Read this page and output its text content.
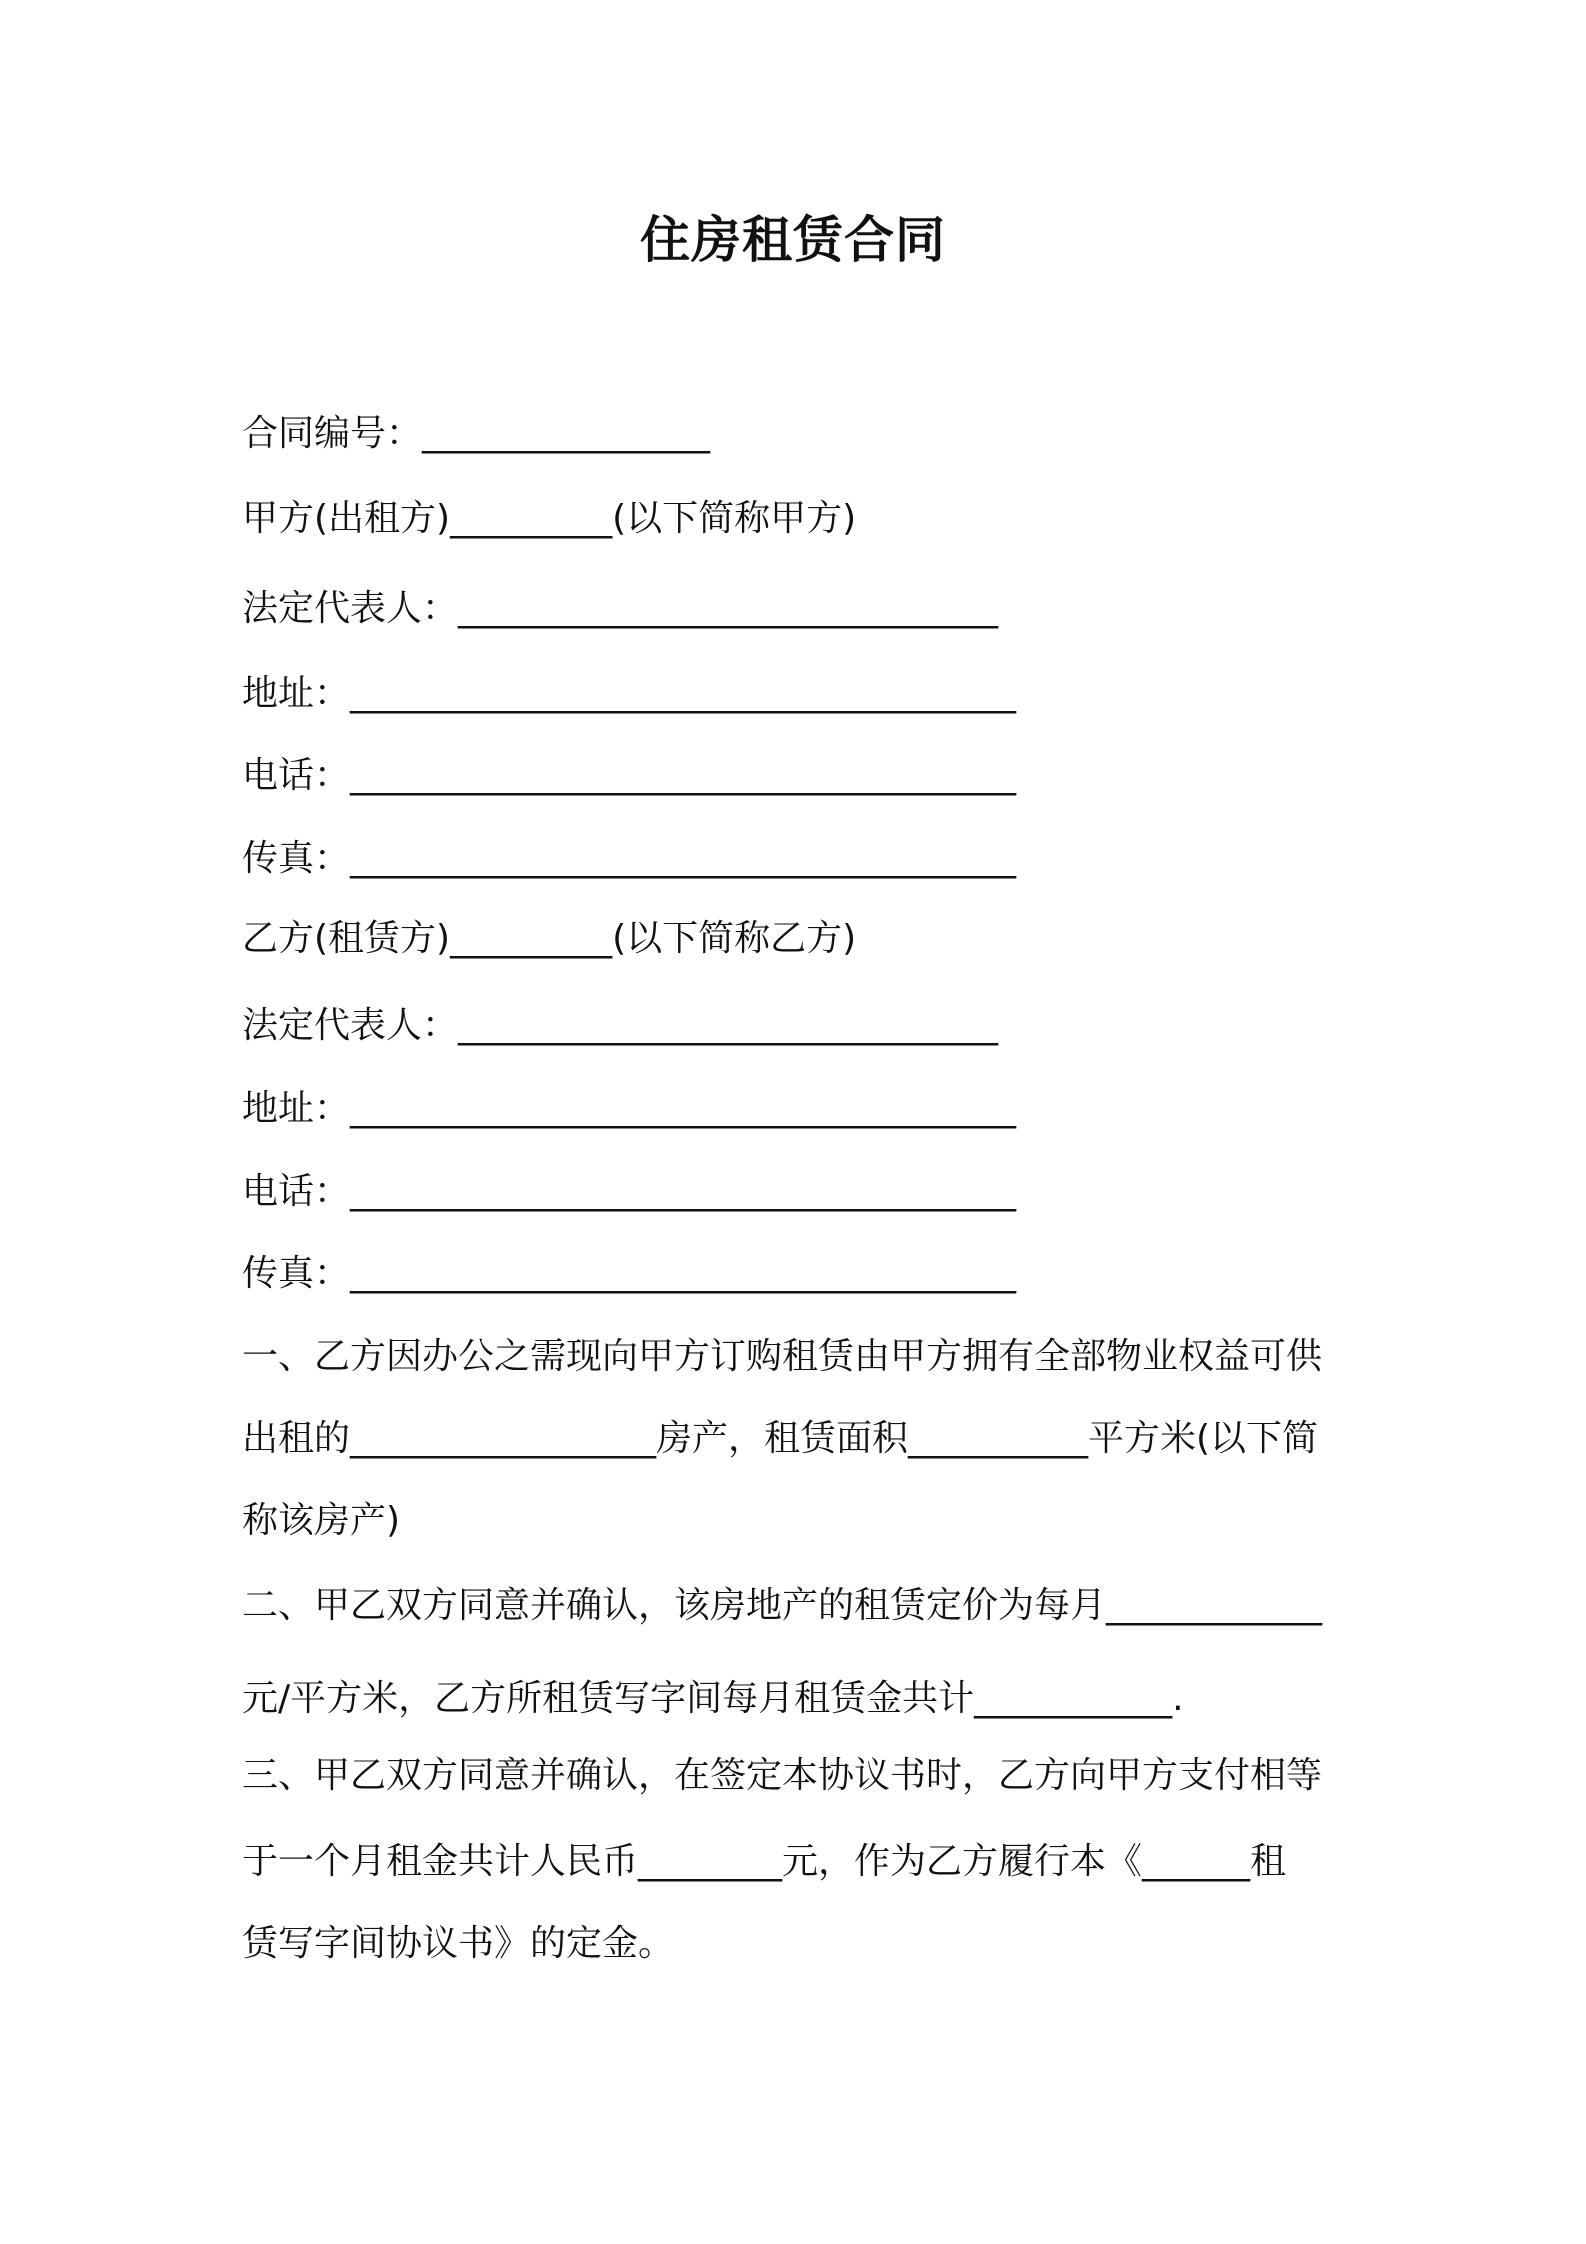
住房租赁合同
合同编号：________________
甲方(出租方)_________(以下简称甲方)
法定代表人：______________________________
地址：_____________________________________
电话：_____________________________________
传真：_____________________________________
乙方(租赁方)_________(以下简称乙方)
法定代表人：______________________________
地址：_____________________________________
电话：_____________________________________
传真：_____________________________________
一、乙方因办公之需现向甲方订购租赁由甲方拥有全部物业权益可供
出租的_________________房产，租赁面积__________平方米(以下简
称该房产)
二、甲乙双方同意并确认，该房地产的租赁定价为每月____________
元/平方米，乙方所租赁写字间每月租赁金共计___________.
三、甲乙双方同意并确认，在签定本协议书时，乙方向甲方支付相等
于一个月租金共计人民币________元，作为乙方履行本《______租
赁写字间协议书》的定金。
